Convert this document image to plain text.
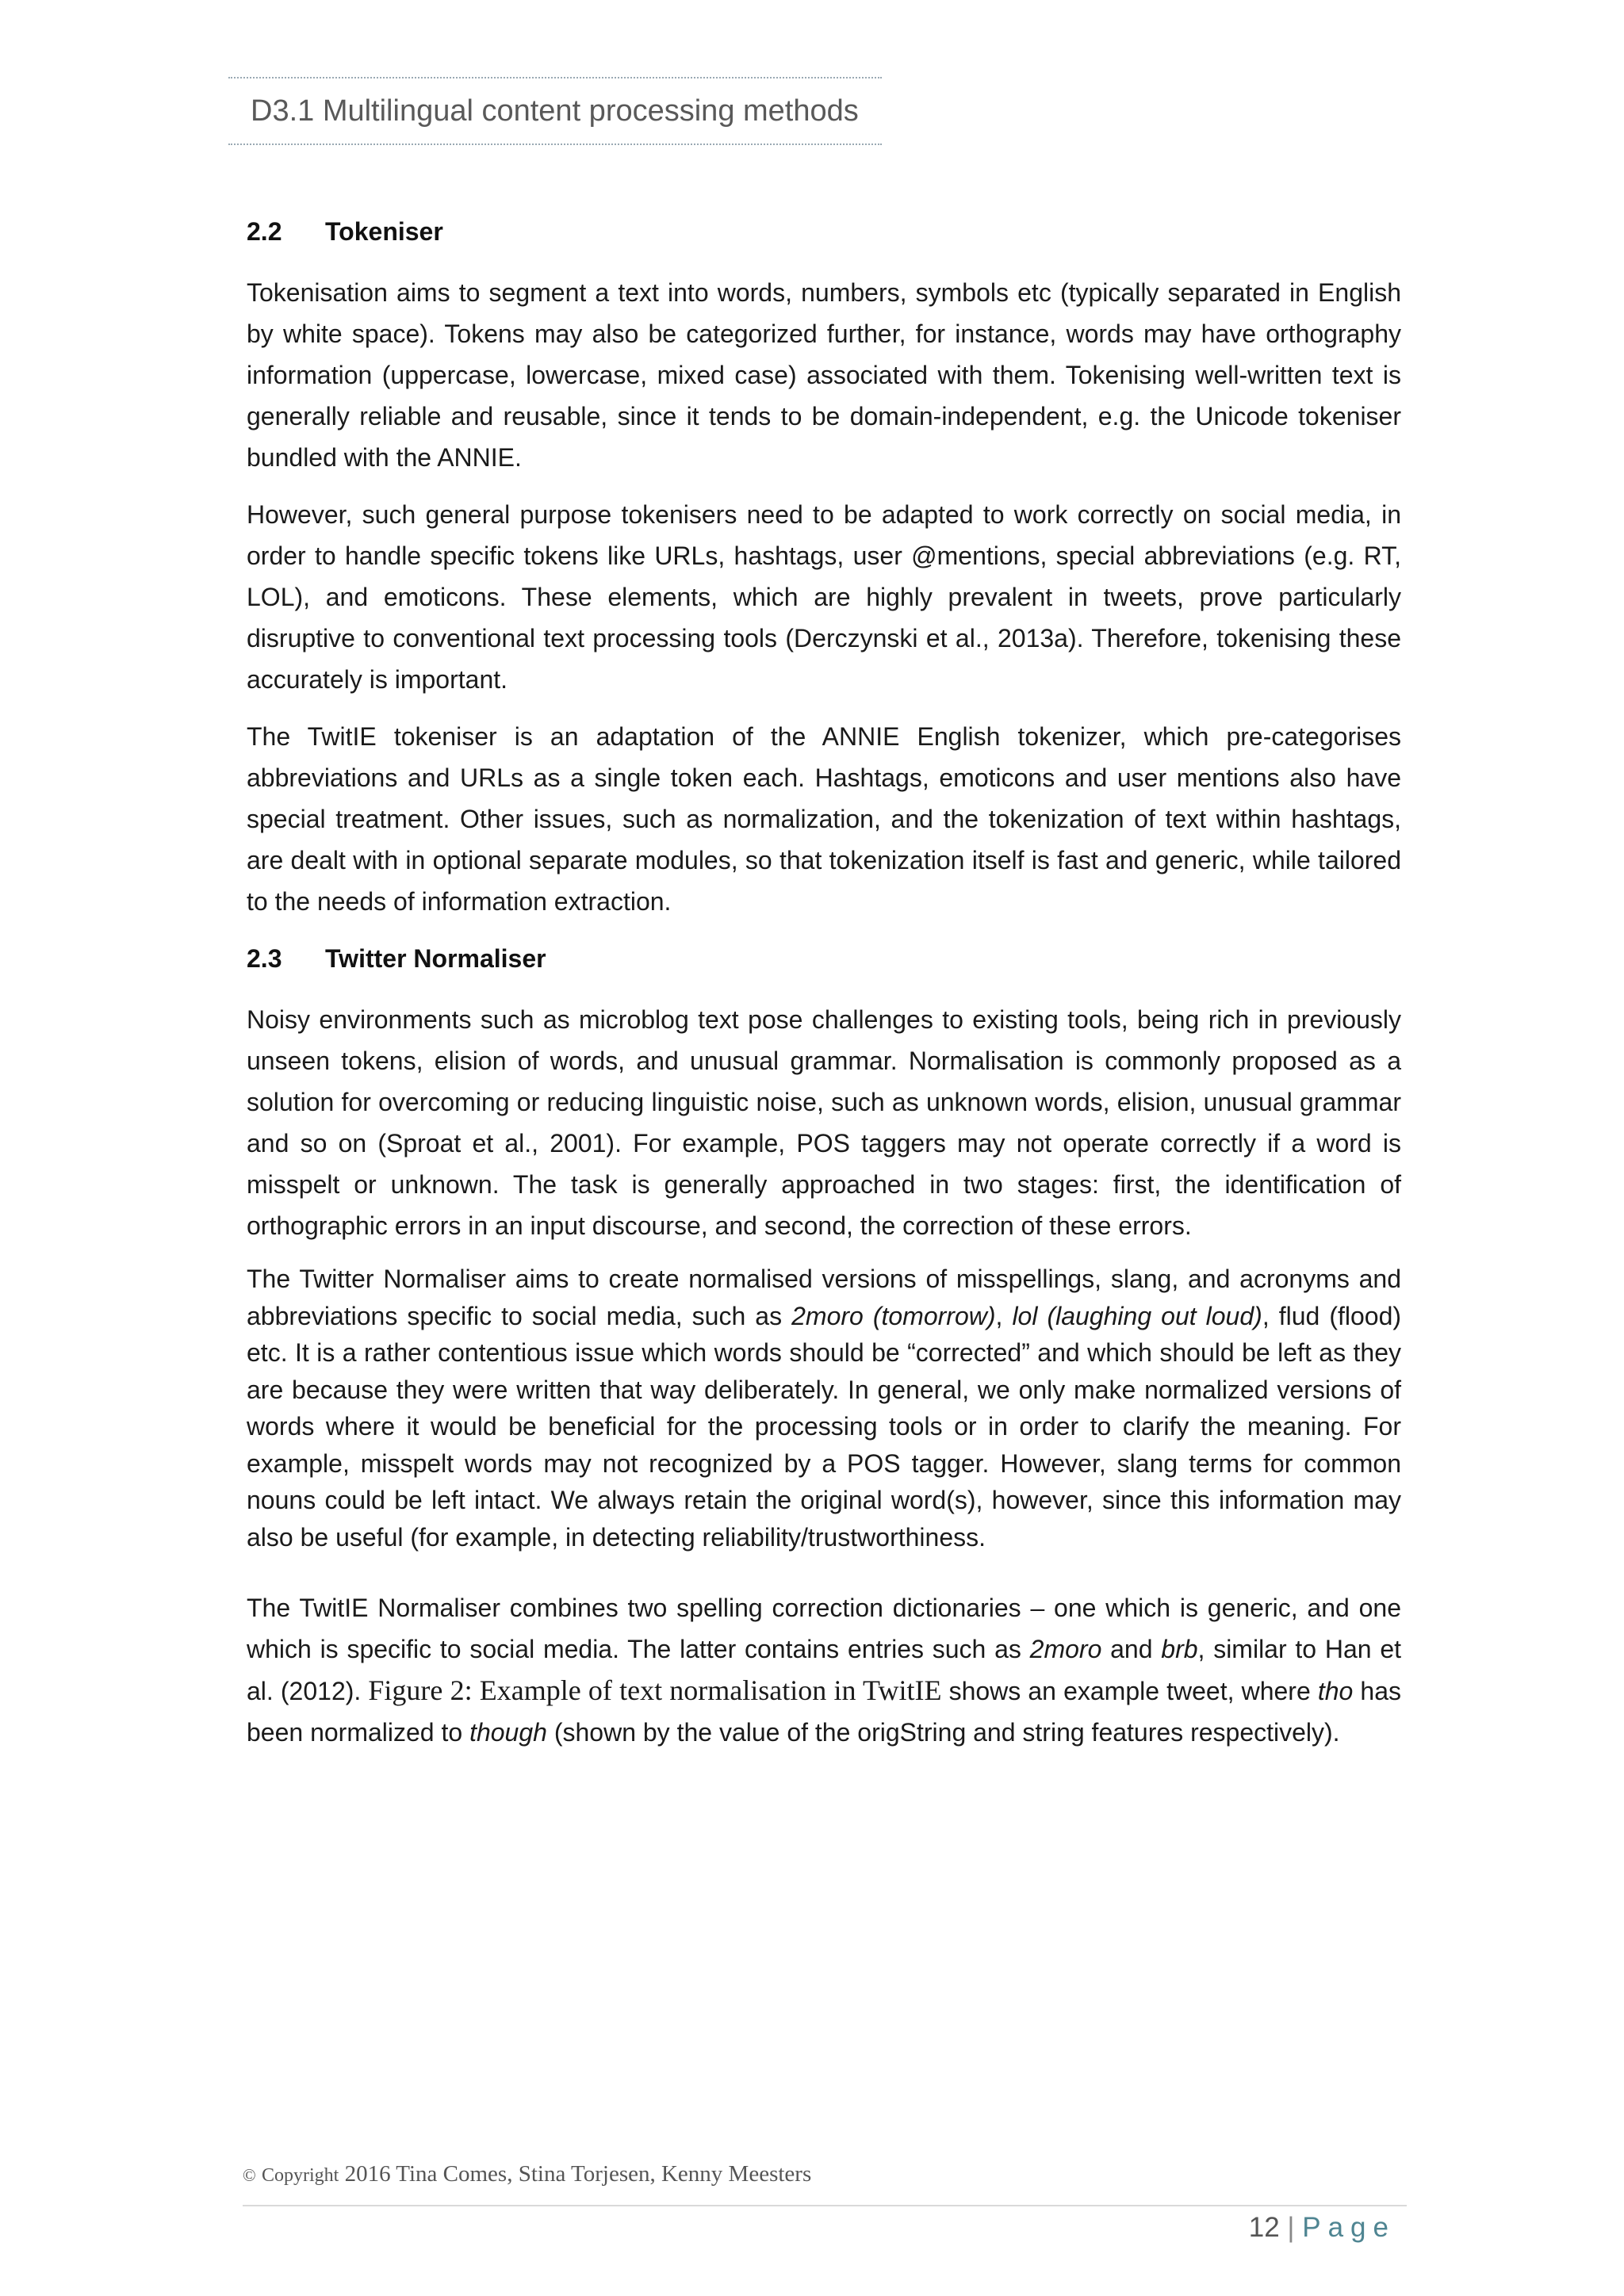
D3.1 Multilingual content processing methods
2.2 Tokeniser

Tokenisation aims to segment a text into words, numbers, symbols etc (typically separated in English by white space). Tokens may also be categorized further, for instance, words may have orthography information (uppercase, lowercase, mixed case) associated with them. Tokenising well-written text is generally reliable and reusable, since it tends to be domain-independent, e.g. the Unicode tokeniser bundled with the ANNIE.

However, such general purpose tokenisers need to be adapted to work correctly on social media, in order to handle specific tokens like URLs, hashtags, user @mentions, special abbreviations (e.g. RT, LOL), and emoticons. These elements, which are highly prevalent in tweets, prove particularly disruptive to conventional text processing tools (Derczynski et al., 2013a). Therefore, tokenising these accurately is important.

The TwitIE tokeniser is an adaptation of the ANNIE English tokenizer, which pre-categorises abbreviations and URLs as a single token each. Hashtags, emoticons and user mentions also have special treatment. Other issues, such as normalization, and the tokenization of text within hashtags, are dealt with in optional separate modules, so that tokenization itself is fast and generic, while tailored to the needs of information extraction.

2.3 Twitter Normaliser

Noisy environments such as microblog text pose challenges to existing tools, being rich in previously unseen tokens, elision of words, and unusual grammar. Normalisation is commonly proposed as a solution for overcoming or reducing linguistic noise, such as unknown words, elision, unusual grammar and so on (Sproat et al., 2001). For example, POS taggers may not operate correctly if a word is misspelt or unknown. The task is generally approached in two stages: first, the identification of orthographic errors in an input discourse, and second, the correction of these errors.

The Twitter Normaliser aims to create normalised versions of misspellings, slang, and acronyms and abbreviations specific to social media, such as 2moro (tomorrow), lol (laughing out loud), flud (flood) etc. It is a rather contentious issue which words should be “corrected” and which should be left as they are because they were written that way deliberately. In general, we only make normalized versions of words where it would be beneficial for the processing tools or in order to clarify the meaning. For example, misspelt words may not recognized by a POS tagger. However, slang terms for common nouns could be left intact. We always retain the original word(s), however, since this information may also be useful (for example, in detecting reliability/trustworthiness.

The TwitIE Normaliser combines two spelling correction dictionaries – one which is generic, and one which is specific to social media. The latter contains entries such as 2moro and brb, similar to Han et al. (2012). Figure 2: Example of text normalisation in TwitIE shows an example tweet, where tho has been normalized to though (shown by the value of the origString and string features respectively).

© Copyright 2016 Tina Comes, Stina Torjesen, Kenny Meesters
12 | Page
